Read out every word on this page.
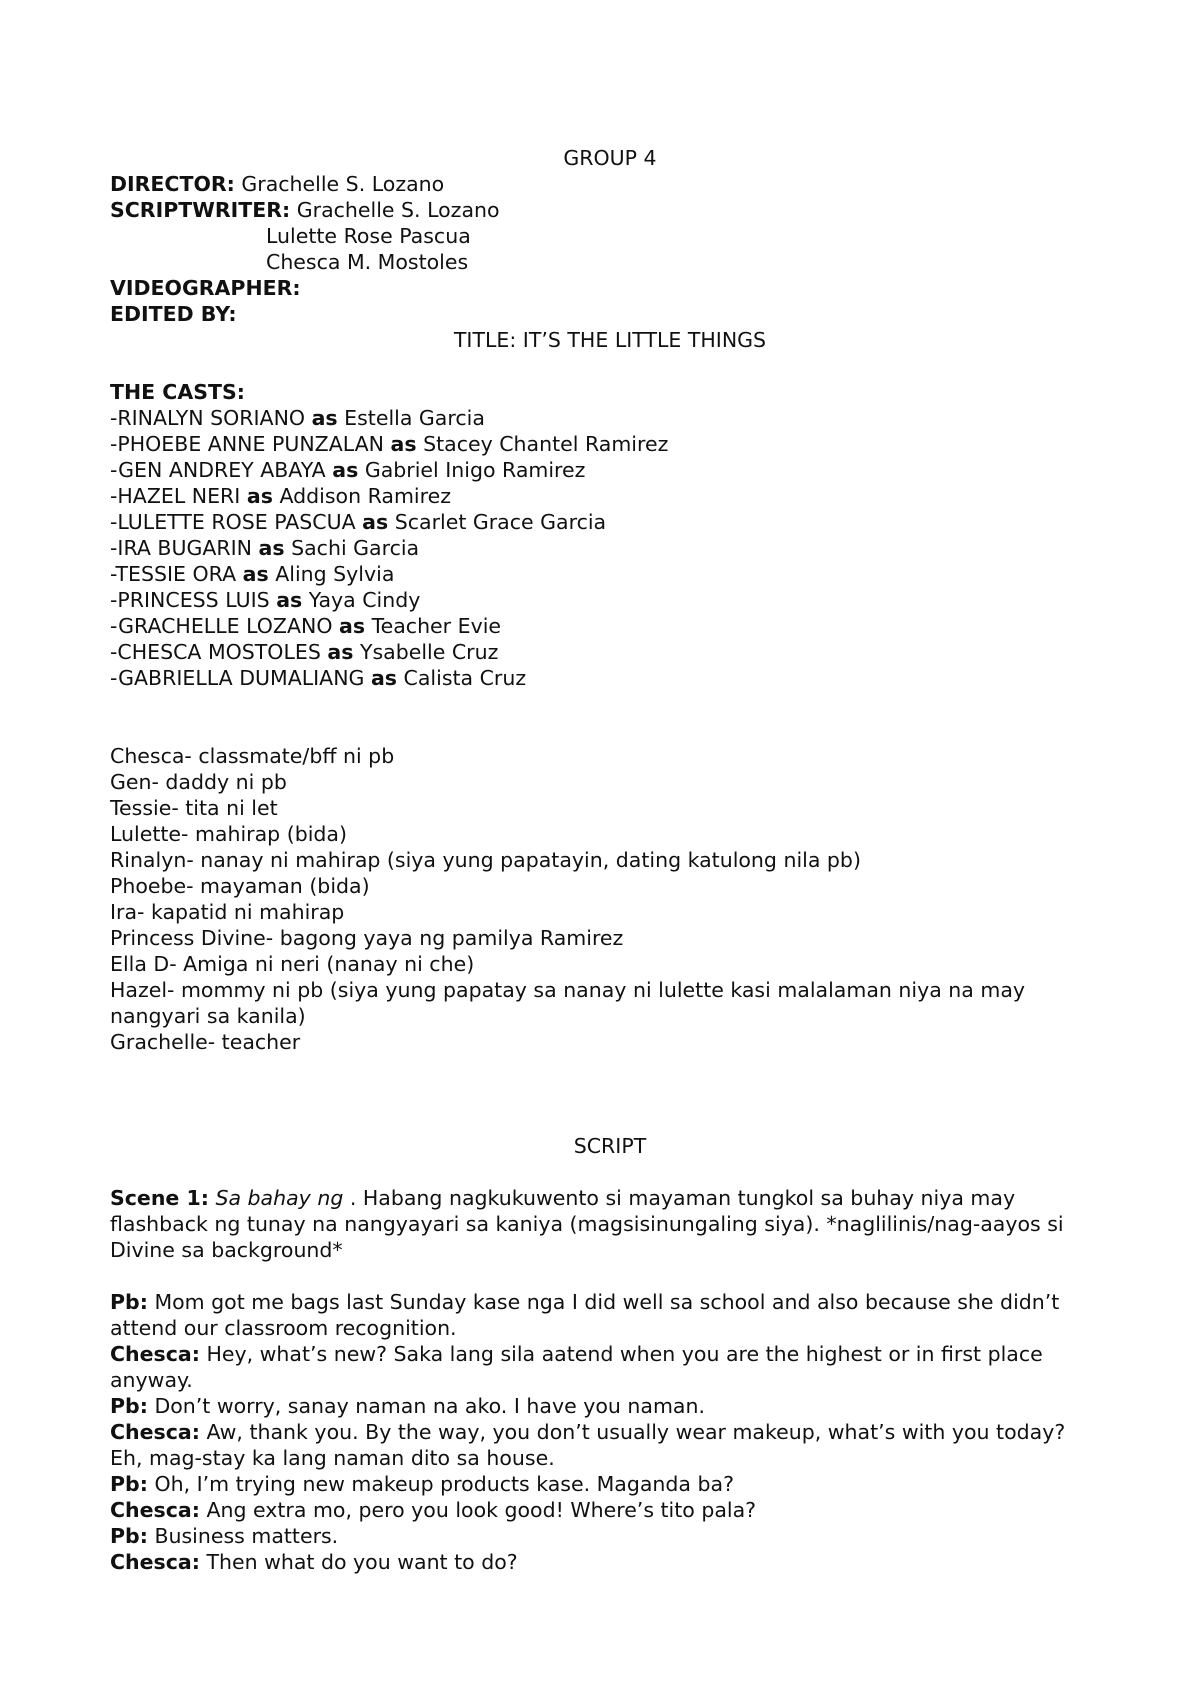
GROUP 4

DIRECTOR: Grachelle S. Lozano

SCRIPTWRITER: Grachelle S. Lozano

Lulette Rose Pascua

Chesca M. Mostoles

VIDEOGRAPHER:

EDITED BY:

TITLE: IT’S THE LITTLE THINGS

THE CASTS:

-RINALYN SORIANO as Estella Garcia

-PHOEBE ANNE PUNZALAN as Stacey Chantel Ramirez

-GEN ANDREY ABAYA as Gabriel Inigo Ramirez

-HAZEL NERI as Addison Ramirez

-LULETTE ROSE PASCUA as Scarlet Grace Garcia

-IRA BUGARIN as Sachi Garcia

-TESSIE ORA as Aling Sylvia

-PRINCESS LUIS as Yaya Cindy

-GRACHELLE LOZANO as Teacher Evie

-CHESCA MOSTOLES as Ysabelle Cruz

-GABRIELLA DUMALIANG as Calista Cruz

Chesca- classmate/bff ni pb

Gen- daddy ni pb

Tessie- tita ni let

Lulette- mahirap (bida)

Rinalyn- nanay ni mahirap (siya yung papatayin, dating katulong nila pb)

Phoebe- mayaman (bida)

Ira- kapatid ni mahirap

Princess Divine- bagong yaya ng pamilya Ramirez

Ella D- Amiga ni neri (nanay ni che)

Hazel- mommy ni pb (siya yung papatay sa nanay ni lulette kasi malalaman niya na may nangyari sa kanila)

Grachelle- teacher

SCRIPT

Scene 1: Sa bahay ng . Habang nagkukuwento si mayaman tungkol sa buhay niya may flashback ng tunay na nangyayari sa kaniya (magsisinungaling siya). *naglilinis/nag-aayos si Divine sa background*

Pb: Mom got me bags last Sunday kase nga I did well sa school and also because she didn’t attend our classroom recognition.

Chesca: Hey, what’s new? Saka lang sila aatend when you are the highest or in first place anyway.

Pb: Don’t worry, sanay naman na ako. I have you naman.

Chesca: Aw, thank you. By the way, you don’t usually wear makeup, what’s with you today? Eh, mag-stay ka lang naman dito sa house.

Pb: Oh, I’m trying new makeup products kase. Maganda ba?

Chesca: Ang extra mo, pero you look good! Where’s tito pala?

Pb: Business matters.

Chesca: Then what do you want to do?
